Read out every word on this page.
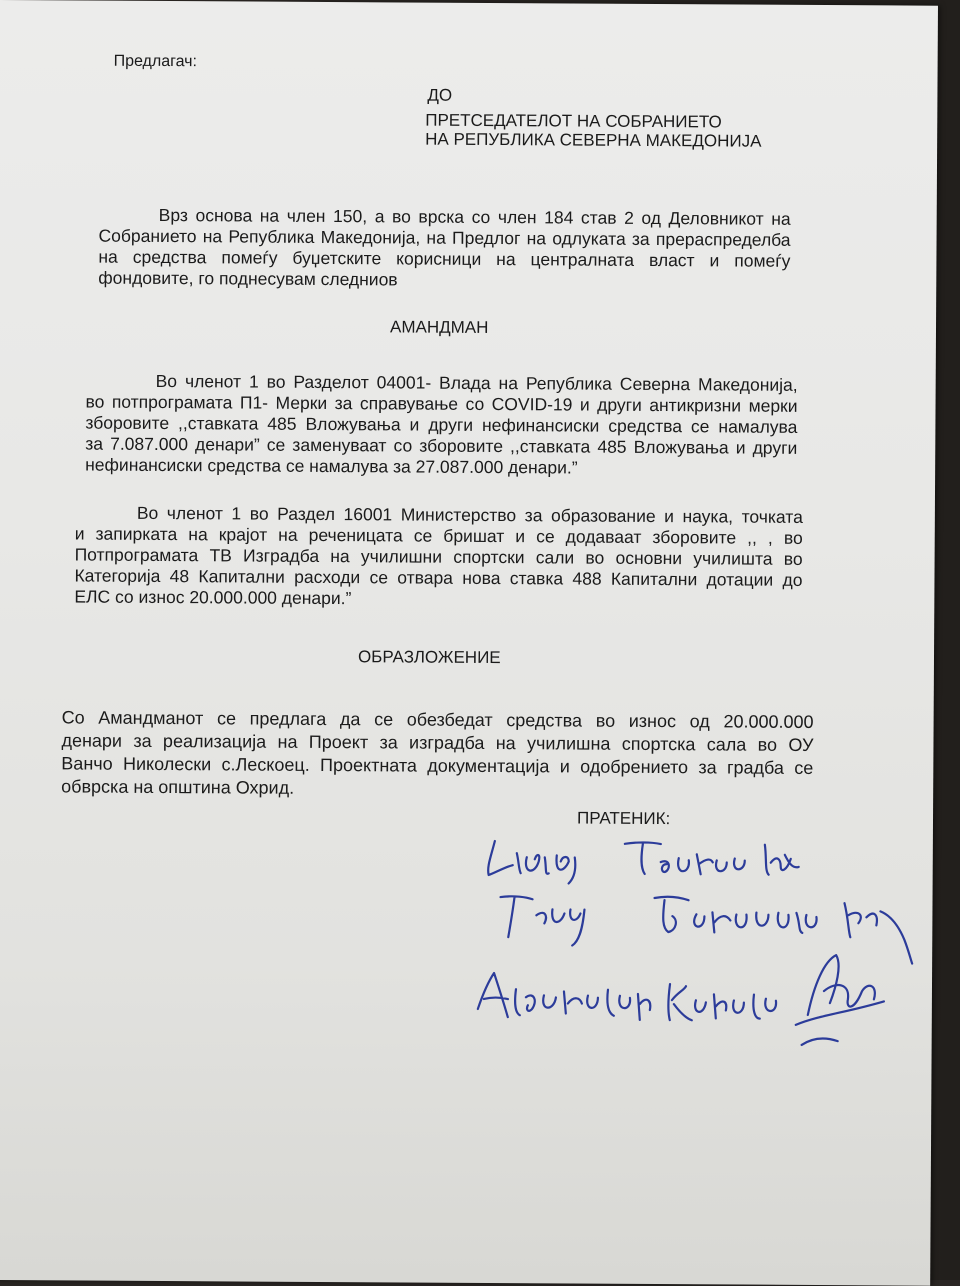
Предлагач:
ДО
ПРЕТСЕДАТЕЛОТ НА СОБРАНИЕТО
НА РЕПУБЛИКА СЕВЕРНА МАКЕДОНИЈА
Врз основа на член 150, а во врска со член 184 став 2 од Деловникот на
Собранието на Република Македонија, на Предлог на одлуката за прераспределба
на средства помеѓу буџетските корисници на централната власт и помеѓу
фондовите, го поднесувам следниов
АМАНДМАН
Во членот 1 во Разделот 04001- Влада на Република Северна Македонија,
во потпрограмата П1- Мерки за справување со COVID-19 и други антикризни мерки
зборовите ,,ставката 485 Вложувања и други нефинансиски средства се намалува
за 7.087.000 денари” се заменуваат со зборовите ,,ставката 485 Вложувања и други
нефинансиски средства се намалува за 27.087.000 денари.”
Во членот 1 во Раздел 16001 Министерство за образование и наука, точката
и запирката на крајот на реченицата се бришат и се додаваат зборовите ,, , во
Потпрограмата ТВ Изградба на училишни спортски сали во основни училишта во
Категорија 48 Капитални расходи се отвара нова ставка 488 Капитални дотации до
ЕЛС со износ 20.000.000 денари.”
ОБРАЗЛОЖЕНИЕ
Со Амандманот се предлага да се обезбедат средства во износ од 20.000.000
денари за реализација на Проект за изградба на училишна спортска сала во ОУ
Ванчо Николески с.Лескоец. Проектната документација и одобрението за градба се
обврска на општина Охрид.
ПРАТЕНИК:
